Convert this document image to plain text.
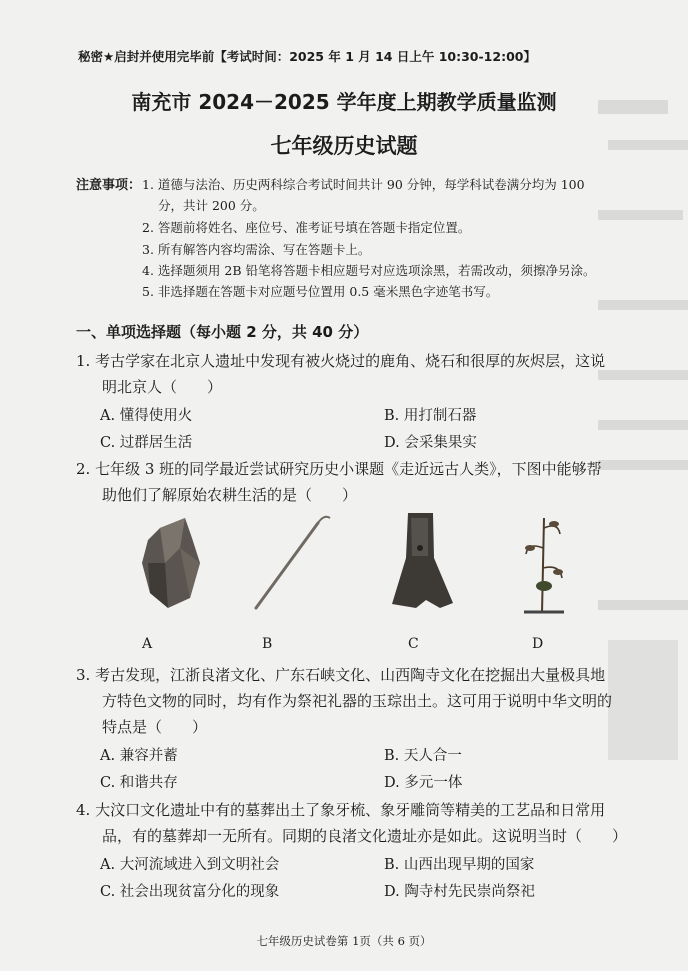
秘密★启封并使用完毕前【考试时间：2025 年 1 月 14 日上午 10:30-12:00】
南充市 2024－2025 学年度上期教学质量监测
七年级历史试题
注意事项： 1. 道德与法治、历史两科综合考试时间共计 90 分钟，每学科试卷满分均为 100
分，共计 200 分。
2. 答题前将姓名、座位号、准考证号填在答题卡指定位置。
3. 所有解答内容均需涂、写在答题卡上。
4. 选择题须用 2B 铅笔将答题卡相应题号对应选项涂黑，若需改动，须擦净另涂。
5. 非选择题在答题卡对应题号位置用 0.5 毫米黑色字迹笔书写。
一、单项选择题（每小题 2 分，共 40 分）
1. 考古学家在北京人遗址中发现有被火烧过的鹿角、烧石和很厚的灰烬层，这说
明北京人（　　）
A. 懂得使用火	B. 用打制石器
C. 过群居生活	D. 会采集果实
2. 七年级 3 班的同学最近尝试研究历史小课题《走近远古人类》，下图中能够帮
助他们了解原始农耕生活的是（　　）
A	B	C	D
3. 考古发现，江浙良渚文化、广东石峡文化、山西陶寺文化在挖掘出大量极具地
方特色文物的同时，均有作为祭祀礼器的玉琮出土。这可用于说明中华文明的
特点是（　　）
A. 兼容并蓄	B. 天人合一
C. 和谐共存	D. 多元一体
4. 大汶口文化遗址中有的墓葬出土了象牙梳、象牙雕筒等精美的工艺品和日常用
品，有的墓葬却一无所有。同期的良渚文化遗址亦是如此。这说明当时（　　）
A. 大河流域进入到文明社会	B. 山西出现早期的国家
C. 社会出现贫富分化的现象	D. 陶寺村先民崇尚祭祀
七年级历史试卷第 1页（共 6 页）
